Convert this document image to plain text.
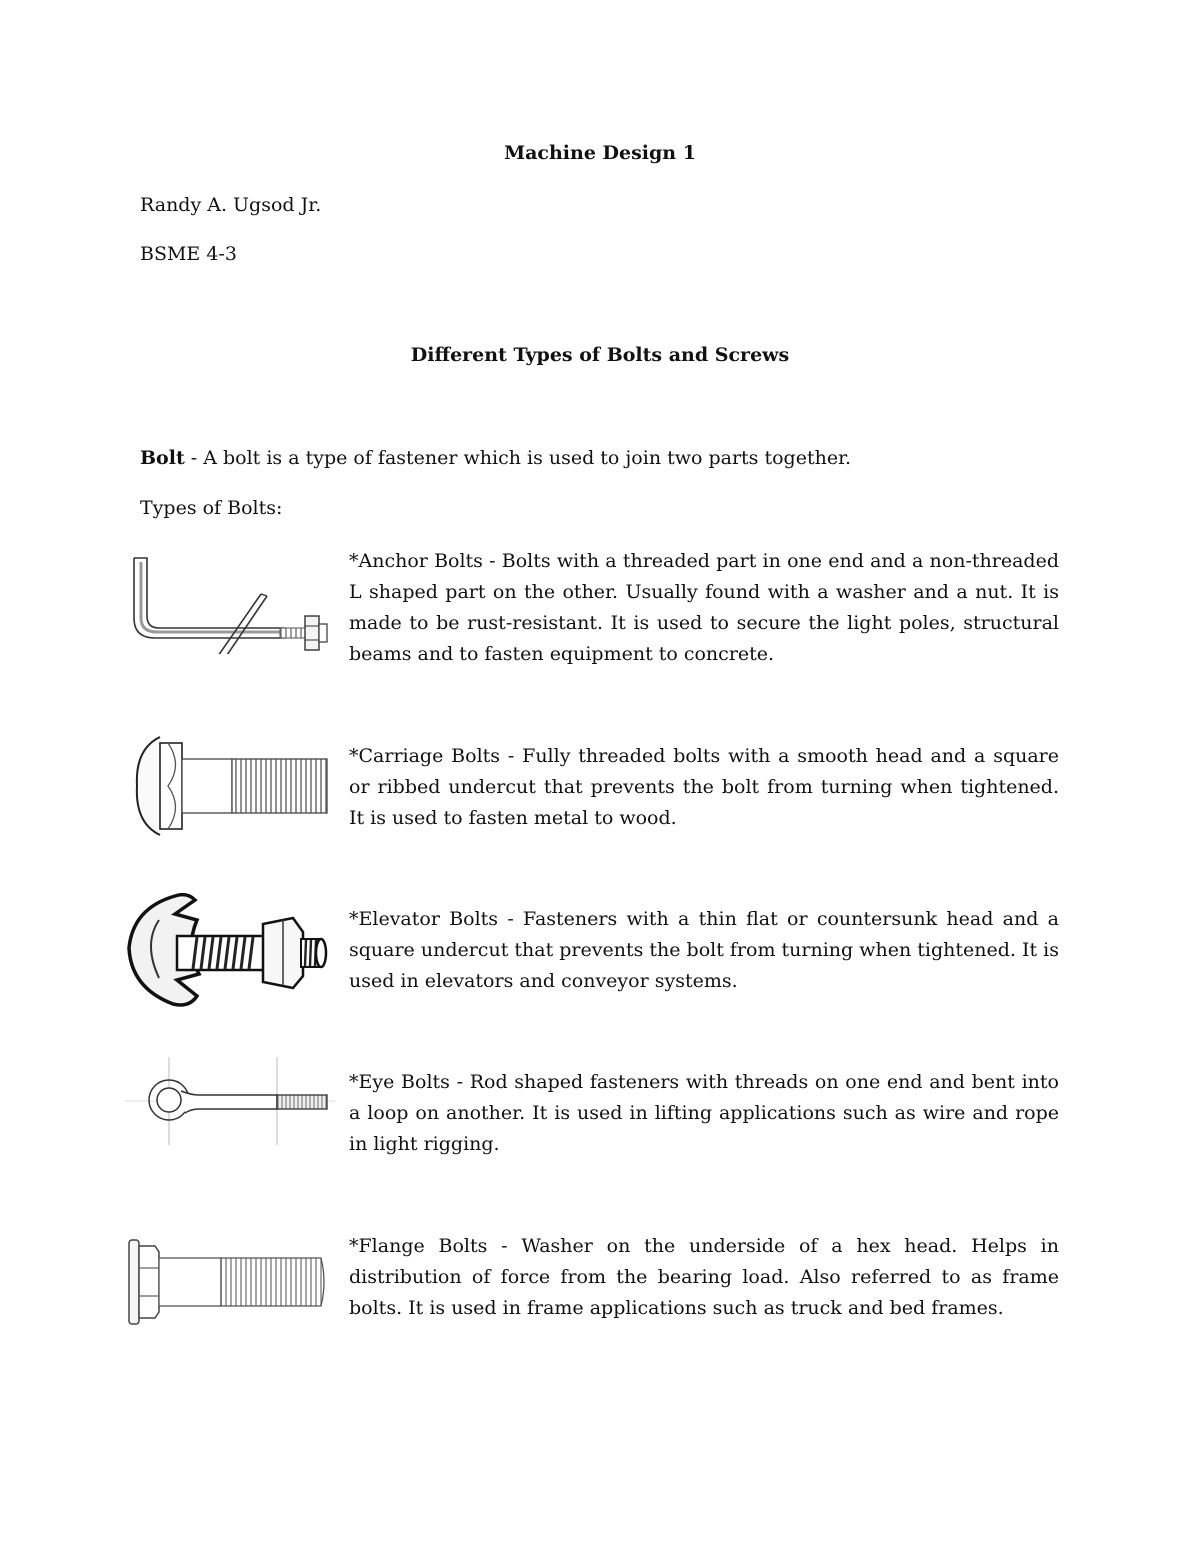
Machine Design 1
Randy A. Ugsod Jr.
BSME 4-3
Different Types of Bolts and Screws
Bolt - A bolt is a type of fastener which is used to join two parts together.
Types of Bolts:
*Anchor Bolts - Bolts with a threaded part in one end and a non-threaded L shaped part on the other. Usually found with a washer and a nut. It is made to be rust-resistant. It is used to secure the light poles, structural beams and to fasten equipment to concrete.
*Carriage Bolts - Fully threaded bolts with a smooth head and a square or ribbed undercut that prevents the bolt from turning when tightened. It is used to fasten metal to wood.
*Elevator Bolts - Fasteners with a thin flat or countersunk head and a square undercut that prevents the bolt from turning when tightened. It is used in elevators and conveyor systems.
*Eye Bolts - Rod shaped fasteners with threads on one end and bent into a loop on another. It is used in lifting applications such as wire and rope in light rigging.
*Flange Bolts - Washer on the underside of a hex head. Helps in distribution of force from the bearing load. Also referred to as frame bolts. It is used in frame applications such as truck and bed frames.
